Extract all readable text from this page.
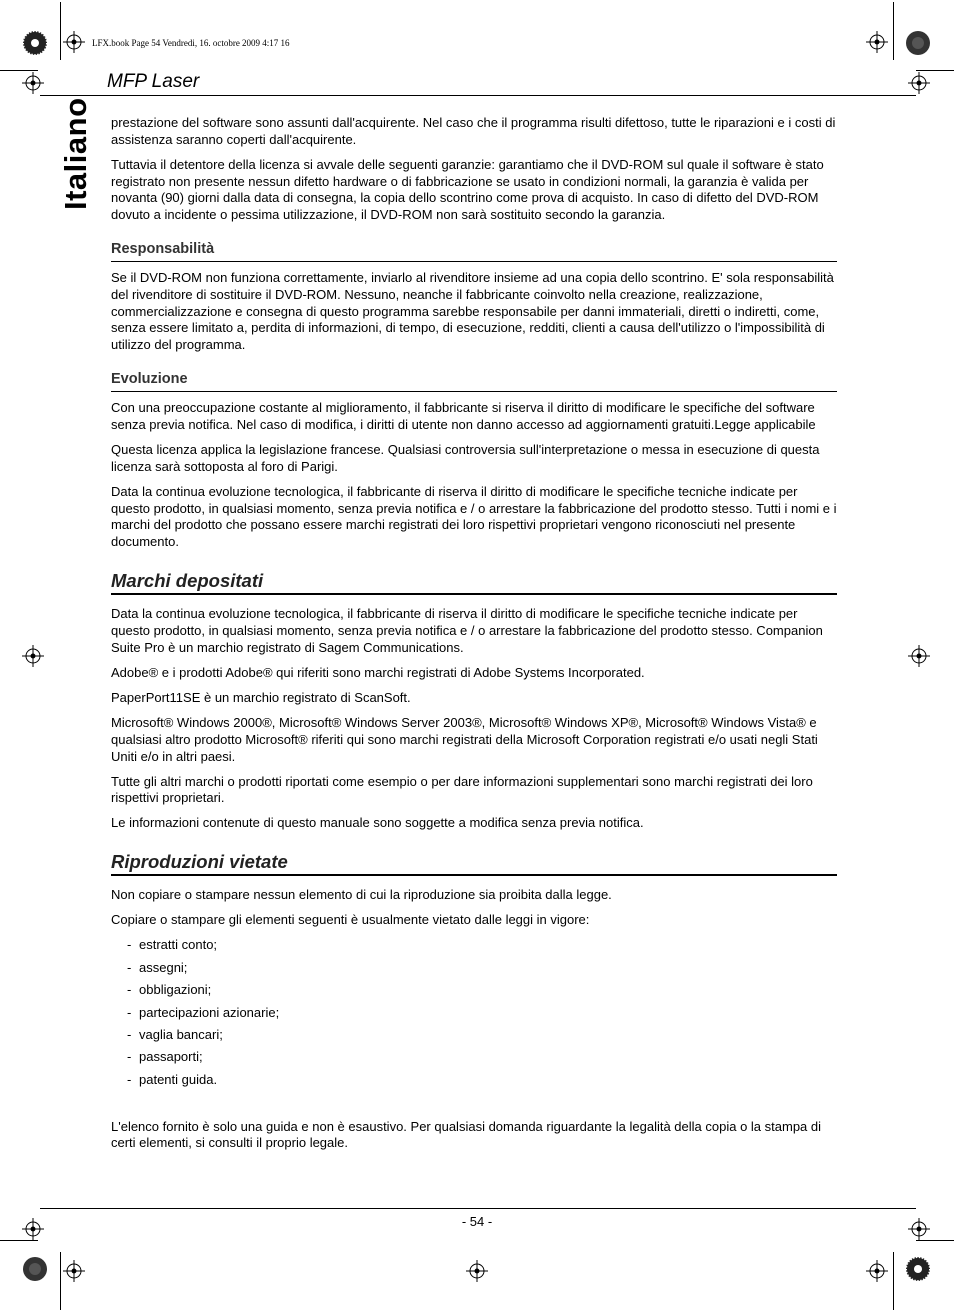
LFX.book Page 54 Vendredi, 16. octobre 2009 4:17 16
MFP Laser
Italiano prestazione del software sono assunti dall'acquirente. Nel caso che il programma risulti difettoso, tutte le riparazioni e i costi di assistenza saranno coperti dall'acquirente.

Tuttavia il detentore della licenza si avvale delle seguenti garanzie: garantiamo che il DVD-ROM sul quale il software è stato registrato non presente nessun difetto hardware o di fabbricazione se usato in condizioni normali, la garanzia è valida per novanta (90) giorni dalla data di consegna, la copia dello scontrino come prova di acquisto. In caso di difetto del DVD-ROM dovuto a incidente o pessima utilizzazione, il DVD-ROM non sarà sostituito secondo la garanzia.

Responsabilità

Se il DVD-ROM non funziona correttamente, inviarlo al rivenditore insieme ad una copia dello scontrino. E' sola responsabilità del rivenditore di sostituire il DVD-ROM. Nessuno, neanche il fabbricante coinvolto nella creazione, realizzazione, commercializzazione e consegna di questo programma sarebbe responsabile per danni immateriali, diretti o indiretti, come, senza essere limitato a, perdita di informazioni, di tempo, di esecuzione, redditi, clienti a causa dell'utilizzo o l'impossibilità di utilizzo del programma.

Evoluzione

Con una preoccupazione costante al miglioramento, il fabbricante si riserva il diritto di modificare le specifiche del software senza previa notifica. Nel caso di modifica, i diritti di utente non danno accesso ad aggiornamenti gratuiti.Legge applicabile

Questa licenza applica la legislazione francese. Qualsiasi controversia sull'interpretazione o messa in esecuzione di questa licenza sarà sottoposta al foro di Parigi.

Data la continua evoluzione tecnologica, il fabbricante di riserva il diritto di modificare le specifiche tecniche indicate per questo prodotto, in qualsiasi momento, senza previa notifica e / o arrestare la fabbricazione del prodotto stesso. Tutti i nomi e i marchi del prodotto che possano essere marchi registrati dei loro rispettivi proprietari vengono riconosciuti nel presente documento.

Marchi depositati

Data la continua evoluzione tecnologica, il fabbricante di riserva il diritto di modificare le specifiche tecniche indicate per questo prodotto, in qualsiasi momento, senza previa notifica e / o arrestare la fabbricazione del prodotto stesso. Companion Suite Pro è un marchio registrato di Sagem Communications.

Adobe® e i prodotti Adobe® qui riferiti sono marchi registrati di Adobe Systems Incorporated.

PaperPort11SE è un marchio registrato di ScanSoft.

Microsoft® Windows 2000®, Microsoft® Windows Server 2003®, Microsoft® Windows XP®, Microsoft® Windows Vista® e qualsiasi altro prodotto Microsoft® riferiti qui sono marchi registrati della Microsoft Corporation registrati e/o usati negli Stati Uniti e/o in altri paesi.

Tutte gli altri marchi o prodotti riportati come esempio o per dare informazioni supplementari sono marchi registrati dei loro rispettivi proprietari.

Le informazioni contenute di questo manuale sono soggette a modifica senza previa notifica.

Riproduzioni vietate

Non copiare o stampare nessun elemento di cui la riproduzione sia proibita dalla legge.

Copiare o stampare gli elementi seguenti è usualmente vietato dalle leggi in vigore:

- estratti conto;
- assegni;
- obbligazioni;
- partecipazioni azionarie;
- vaglia bancari;
- passaporti;
- patenti guida.

L'elenco fornito è solo una guida e non è esaustivo. Per qualsiasi domanda riguardante la legalità della copia o la stampa di certi elementi, si consulti il proprio legale.

- 54 -
